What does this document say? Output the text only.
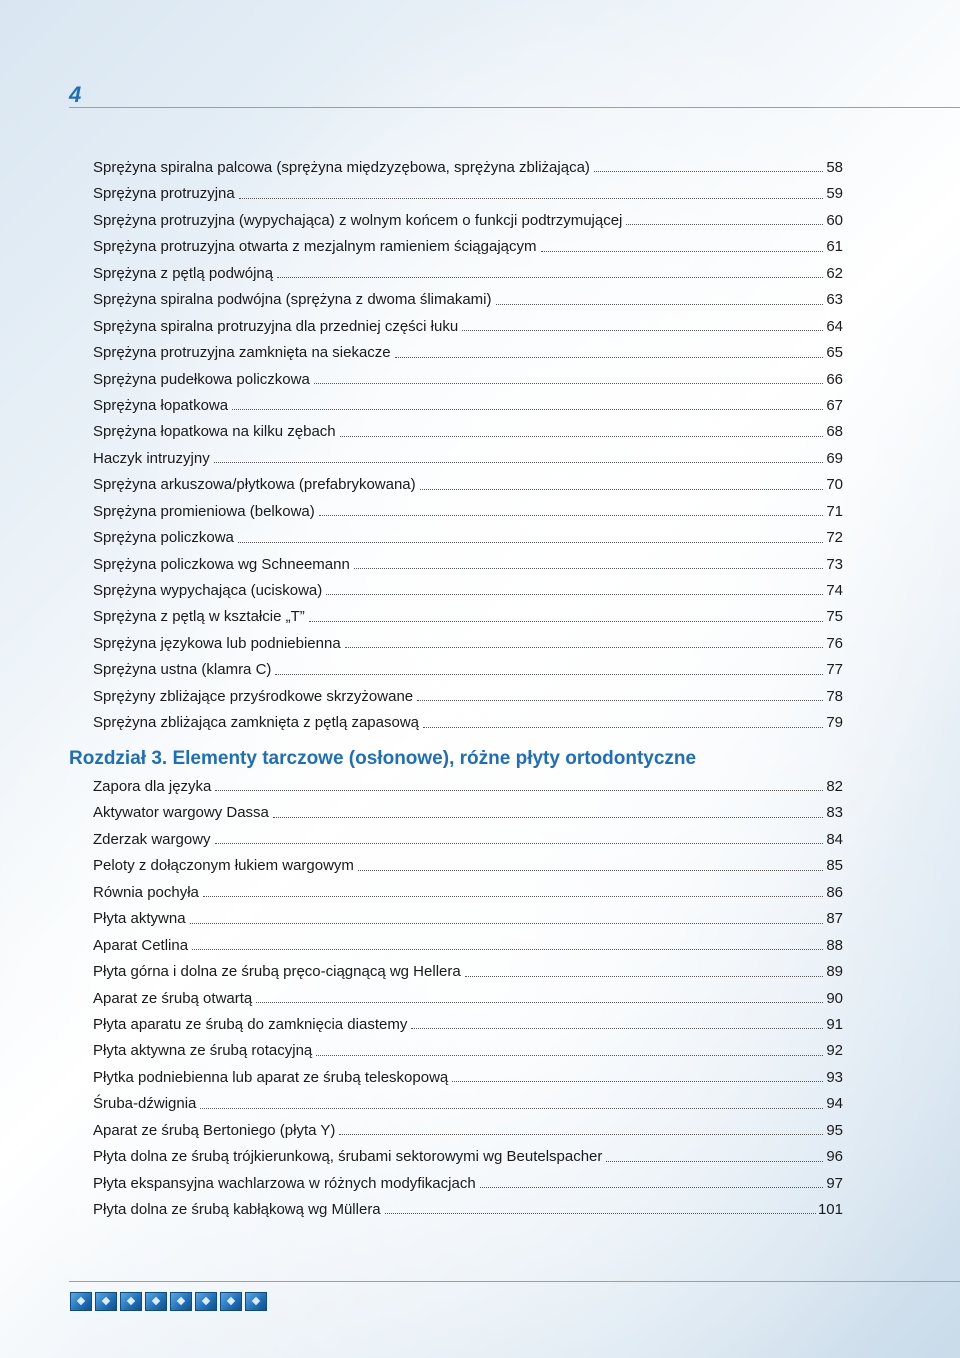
4
Sprężyna spiralna palcowa (sprężyna międzyzębowa, sprężyna zbliżająca)	58
Sprężyna protruzyjna	59
Sprężyna protruzyjna (wypychająca) z wolnym końcem o funkcji podtrzymującej	60
Sprężyna protruzyjna otwarta z mezjalnym ramieniem ściągającym	61
Sprężyna z pętlą podwójną	62
Sprężyna spiralna podwójna (sprężyna z dwoma ślimakami)	63
Sprężyna spiralna protruzyjna dla przedniej części łuku	64
Sprężyna protruzyjna zamknięta na siekacze	65
Sprężyna pudełkowa policzkowa	66
Sprężyna łopatkowa	67
Sprężyna łopatkowa na kilku zębach	68
Haczyk intruzyjny	69
Sprężyna arkuszowa/płytkowa (prefabrykowana)	70
Sprężyna promieniowa (belkowa)	71
Sprężyna policzkowa	72
Sprężyna policzkowa wg Schneemann	73
Sprężyna wypychająca (uciskowa)	74
Sprężyna z pętlą w kształcie „T”	75
Sprężyna językowa lub podniebienna	76
Sprężyna ustna (klamra C)	77
Sprężyny zbliżające przyśrodkowe skrzyżowane	78
Sprężyna zbliżająca zamknięta z pętlą zapasową	79
Rozdział 3. Elementy tarczowe (osłonowe), różne płyty ortodontyczne
Zapora dla języka	82
Aktywator wargowy Dassa	83
Zderzak wargowy	84
Peloty z dołączonym łukiem wargowym	85
Równia pochyła	86
Płyta aktywna	87
Aparat Cetlina	88
Płyta górna i dolna ze śrubą pręco-ciągnącą wg Hellera	89
Aparat ze śrubą otwartą	90
Płyta aparatu ze śrubą do zamknięcia diastemy	91
Płyta aktywna ze śrubą rotacyjną	92
Płytka podniebienna lub aparat ze śrubą teleskopową	93
Śruba-dźwignia	94
Aparat ze śrubą Bertoniego (płyta Y)	95
Płyta dolna ze śrubą trójkierunkową, śrubami sektorowymi wg Beutelspacher	96
Płyta ekspansyjna wachlarzowa w różnych modyfikacjach	97
Płyta dolna ze śrubą kabłąkową wg Müllera	101
